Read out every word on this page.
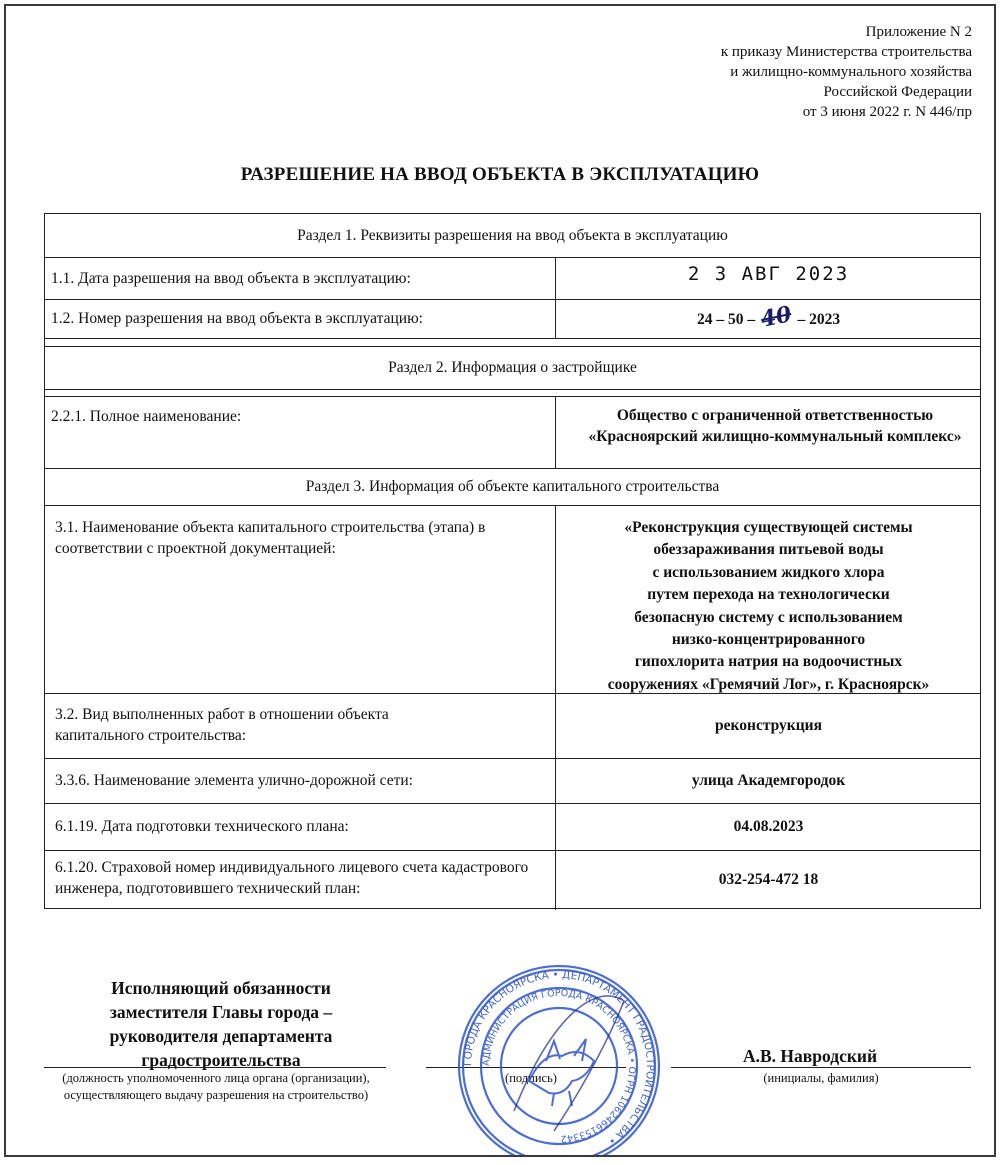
Приложение N 2
к приказу Министерства строительства
и жилищно-коммунального хозяйства
Российской Федерации
от 3 июня 2022 г. N 446/пр
РАЗРЕШЕНИЕ НА ВВОД ОБЪЕКТА В ЭКСПЛУАТАЦИЮ
Раздел 1. Реквизиты разрешения на ввод объекта в эксплуатацию
1.1. Дата разрешения на ввод объекта в эксплуатацию:	2 3 АВГ 2023
1.2. Номер разрешения на ввод объекта в эксплуатацию:	24 – 50 – 40 – 2023
Раздел 2. Информация о застройщике
2.2.1. Полное наименование:	Общество с ограниченной ответственностью «Красноярский жилищно-коммунальный комплекс»
Раздел 3. Информация об объекте капитального строительства
3.1. Наименование объекта капитального строительства (этапа) в соответствии с проектной документацией:
«Реконструкция существующей системы
обеззараживания питьевой воды
с использованием жидкого хлора
путем перехода на технологически
безопасную систему с использованием
низко-концентрированного
гипохлорита натрия на водоочистных
сооружениях «Гремячий Лог», г. Красноярск»
3.2. Вид выполненных работ в отношении объекта капитального строительства:
реконструкция
3.3.6. Наименование элемента улично-дорожной сети:	улица Академгородок
6.1.19. Дата подготовки технического плана:	04.08.2023
6.1.20. Страховой номер индивидуального лицевого счета кадастрового инженера, подготовившего технический план:
032-254-472 18
Исполняющий обязанности
заместителя Главы города –
руководителя департамента
градостроительства
(должность уполномоченного лица органа (организации), осуществляющего выдачу разрешения на строительство)
(подпись)
А.В. Навродский
(инициалы, фамилия)
ГОРОДА КРАСНОЯРСКА • ДЕПАРТАМЕНТ ГРАДОСТРОИТЕЛЬСТВА •
АДМИНИСТРАЦИЯ ГОРОДА КРАСНОЯРСКА • ОГРН 1062466153342
